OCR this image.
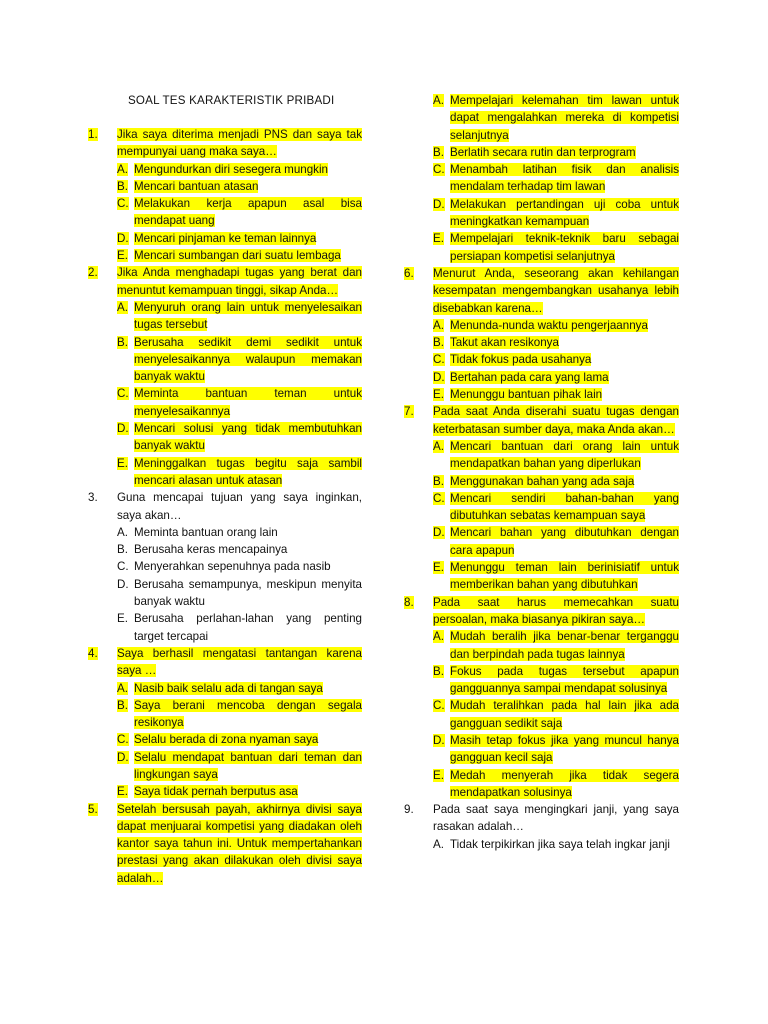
SOAL TES KARAKTERISTIK PRIBADI
1.	Jika saya diterima menjadi PNS dan saya tak mempunyai uang maka saya…
A. Mengundurkan diri sesegera mungkin
B. Mencari bantuan atasan
C. Melakukan kerja apapun asal bisa mendapat uang
D. Mencari pinjaman ke teman lainnya
E. Mencari sumbangan dari suatu lembaga
2.	Jika Anda menghadapi tugas yang berat dan menuntut kemampuan tinggi, sikap Anda…
A. Menyuruh orang lain untuk menyelesaikan tugas tersebut
B. Berusaha sedikit demi sedikit untuk menyelesaikannya walaupun memakan banyak waktu
C. Meminta bantuan teman untuk menyelesaikannya
D. Mencari solusi yang tidak membutuhkan banyak waktu
E. Meninggalkan tugas begitu saja sambil mencari alasan untuk atasan
3.	Guna mencapai tujuan yang saya inginkan, saya akan…
A. Meminta bantuan orang lain
B. Berusaha keras mencapainya
C. Menyerahkan sepenuhnya pada nasib
D. Berusaha semampunya, meskipun menyita banyak waktu
E. Berusaha perlahan-lahan yang penting target tercapai
4.	Saya berhasil mengatasi tantangan karena saya …
A. Nasib baik selalu ada di tangan saya
B. Saya berani mencoba dengan segala resikonya
C. Selalu berada di zona nyaman saya
D. Selalu mendapat bantuan dari teman dan lingkungan saya
E. Saya tidak pernah berputus asa
5.	Setelah bersusah payah, akhirnya divisi saya dapat menjuarai kompetisi yang diadakan oleh kantor saya tahun ini. Untuk mempertahankan prestasi yang akan dilakukan oleh divisi saya adalah…
A. Mempelajari kelemahan tim lawan untuk dapat mengalahkan mereka di kompetisi selanjutnya
B. Berlatih secara rutin dan terprogram
C. Menambah latihan fisik dan analisis mendalam terhadap tim lawan
D. Melakukan pertandingan uji coba untuk meningkatkan kemampuan
E. Mempelajari teknik-teknik baru sebagai persiapan kompetisi selanjutnya
6.	Menurut Anda, seseorang akan kehilangan kesempatan mengembangkan usahanya lebih disebabkan karena…
A. Menunda-nunda waktu pengerjaannya
B. Takut akan resikonya
C. Tidak fokus pada usahanya
D. Bertahan pada cara yang lama
E. Menunggu bantuan pihak lain
7.	Pada saat Anda diserahi suatu tugas dengan keterbatasan sumber daya, maka Anda akan…
A. Mencari bantuan dari orang lain untuk mendapatkan bahan yang diperlukan
B. Menggunakan bahan yang ada saja
C. Mencari sendiri bahan-bahan yang dibutuhkan sebatas kemampuan saya
D. Mencari bahan yang dibutuhkan dengan cara apapun
E. Menunggu teman lain berinisiatif untuk memberikan bahan yang dibutuhkan
8.	Pada saat harus memecahkan suatu persoalan, maka biasanya pikiran saya…
A. Mudah beralih jika benar-benar terganggu dan berpindah pada tugas lainnya
B. Fokus pada tugas tersebut apapun gangguannya sampai mendapat solusinya
C. Mudah teralihkan pada hal lain jika ada gangguan sedikit saja
D. Masih tetap fokus jika yang muncul hanya gangguan kecil saja
E. Medah menyerah jika tidak segera mendapatkan solusinya
9.	Pada saat saya mengingkari janji, yang saya rasakan adalah…
A. Tidak terpikirkan jika saya telah ingkar janji
